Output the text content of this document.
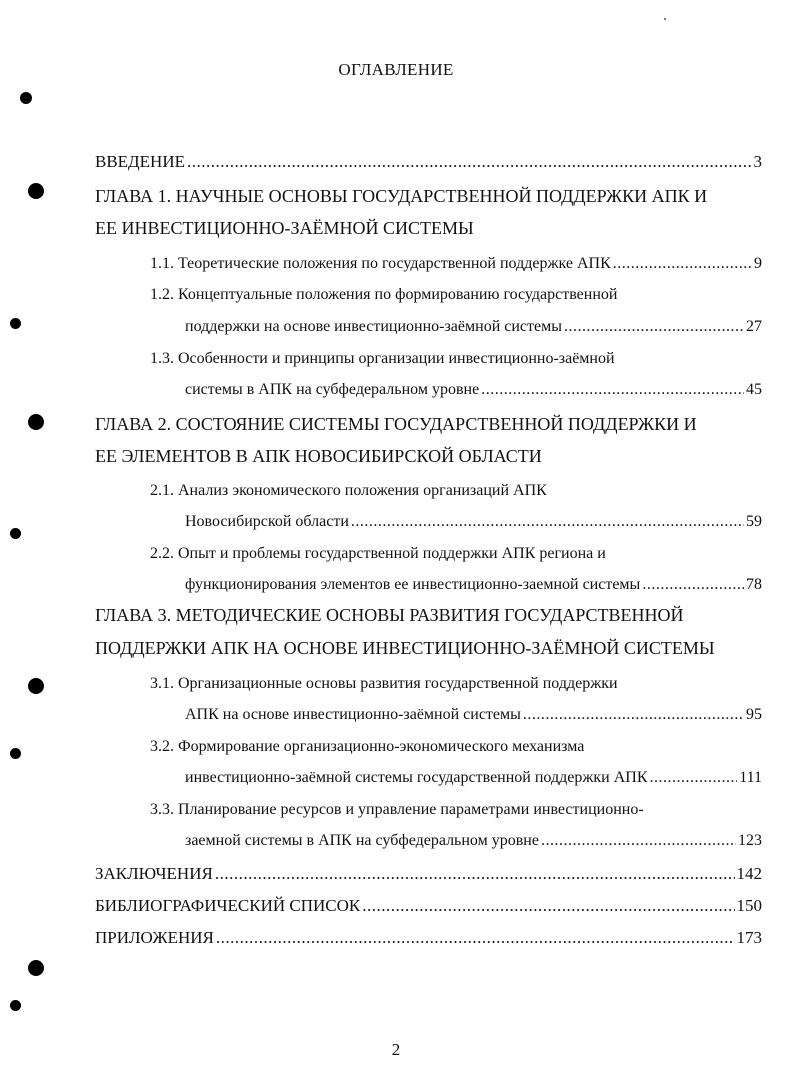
ОГЛАВЛЕНИЕ
ВВЕДЕНИЕ .....	3
ГЛАВА 1. НАУЧНЫЕ ОСНОВЫ ГОСУДАРСТВЕННОЙ ПОДДЕРЖКИ АПК И
ЕЕ ИНВЕСТИЦИОННО-ЗАЁМНОЙ СИСТЕМЫ
1.1. Теоретические положения по государственной поддержке АПК .....	9
1.2. Концептуальные положения по формированию государственной
поддержки на основе инвестиционно-заёмной системы .....	27
1.3. Особенности и принципы организации инвестиционно-заёмной
системы в АПК на субфедеральном уровне .....	45
ГЛАВА 2. СОСТОЯНИЕ СИСТЕМЫ ГОСУДАРСТВЕННОЙ ПОДДЕРЖКИ И
ЕЕ ЭЛЕМЕНТОВ В АПК НОВОСИБИРСКОЙ ОБЛАСТИ
2.1. Анализ экономического положения организаций АПК
Новосибирской области .....	59
2.2. Опыт и проблемы государственной поддержки АПК региона и
функционирования элементов ее инвестиционно-заемной системы .....	78
ГЛАВА 3. МЕТОДИЧЕСКИЕ ОСНОВЫ РАЗВИТИЯ ГОСУДАРСТВЕННОЙ
ПОДДЕРЖКИ АПК НА ОСНОВЕ ИНВЕСТИЦИОННО-ЗАЁМНОЙ СИСТЕМЫ
3.1. Организационные основы развития государственной поддержки
АПК на основе инвестиционно-заёмной системы .....	95
3.2. Формирование организационно-экономического механизма
инвестиционно-заёмной системы государственной поддержки АПК .....	111
3.3. Планирование ресурсов и управление параметрами инвестиционно-
заемной системы в АПК на субфедеральном уровне .....	123
ЗАКЛЮЧЕНИЯ .....	142
БИБЛИОГРАФИЧЕСКИЙ СПИСОК .....	150
ПРИЛОЖЕНИЯ .....	173
2
